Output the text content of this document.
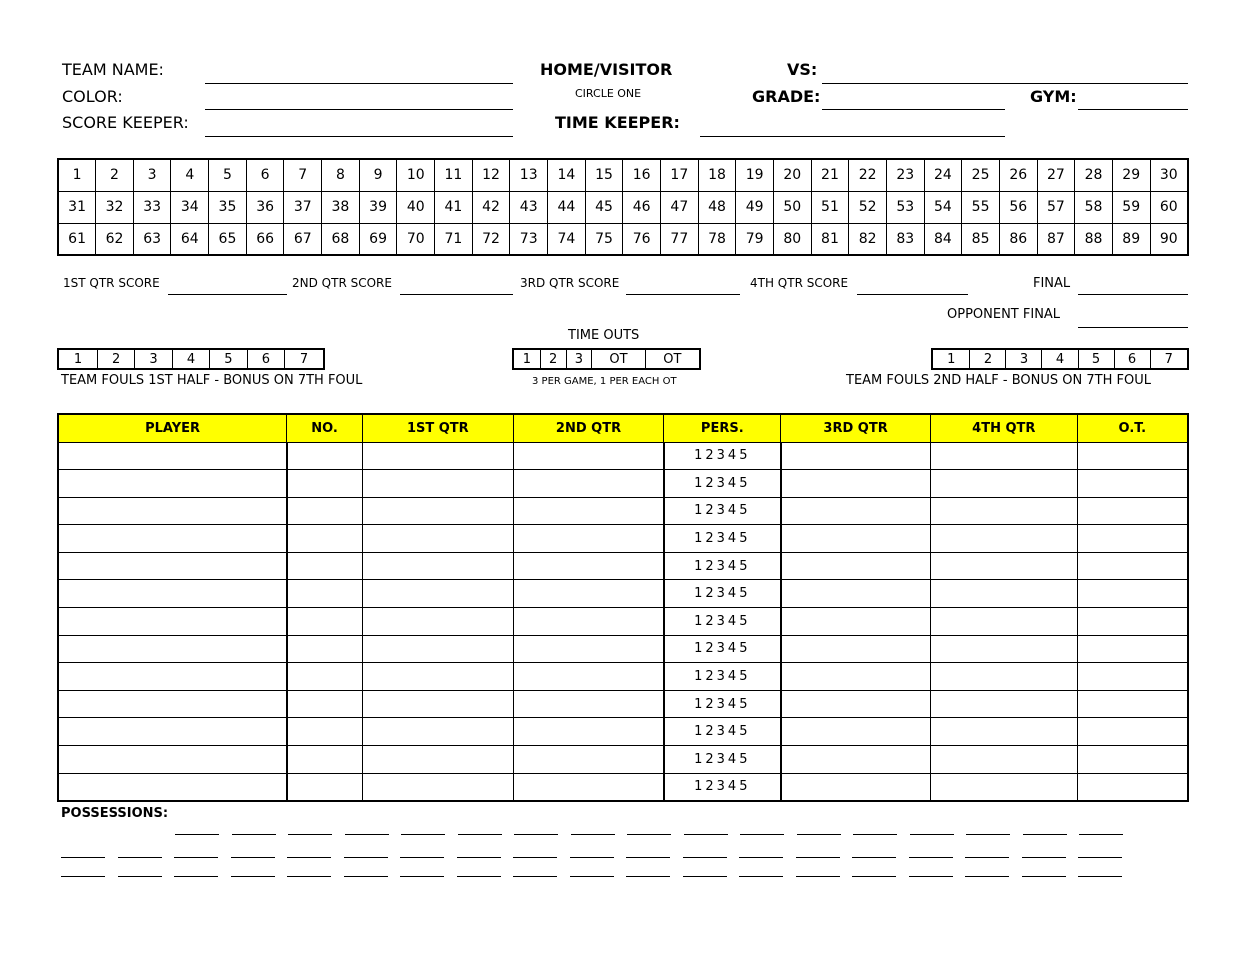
TEAM NAME:
COLOR:
SCORE KEEPER:
HOME/VISITOR
CIRCLE ONE
TIME KEEPER:
VS:
GRADE:	GYM:
1	2	3	4	5	6	7	8	9	10	11	12	13	14	15	16	17	18	19	20	21	22	23	24	25	26	27	28	29	30
31	32	33	34	35	36	37	38	39	40	41	42	43	44	45	46	47	48	49	50	51	52	53	54	55	56	57	58	59	60
61	62	63	64	65	66	67	68	69	70	71	72	73	74	75	76	77	78	79	80	81	82	83	84	85	86	87	88	89	90
1ST QTR SCORE	2ND QTR SCORE	3RD QTR SCORE	4TH QTR SCORE	FINAL
OPPONENT FINAL
TIME OUTS
1	2	3	4	5	6	7	1	2	3	OT	OT	1	2	3	4	5	6	7
TEAM FOULS 1ST HALF - BONUS ON 7TH FOUL	3 PER GAME, 1 PER EACH OT	TEAM FOULS 2ND HALF - BONUS ON 7TH FOUL
PLAYER	NO.	1ST QTR	2ND QTR	PERS.	3RD QTR	4TH QTR	O.T.
				12345			
				12345			
				12345			
				12345			
				12345			
				12345			
				12345			
				12345			
				12345			
				12345			
				12345			
				12345			
				12345			
POSSESSIONS:
